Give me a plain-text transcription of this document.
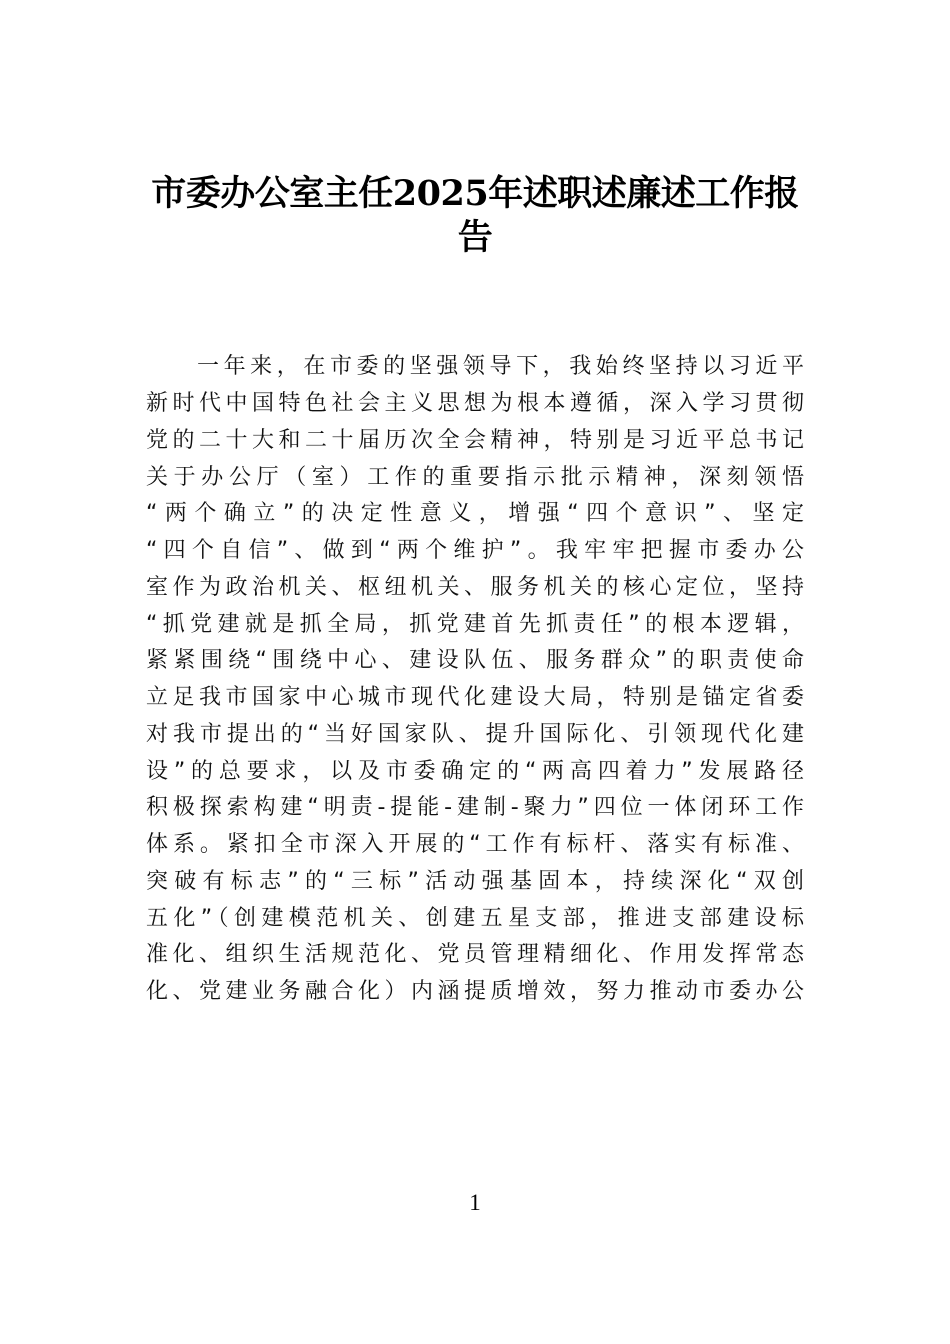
市委办公室主任2025年述职述廉述工作报
告
一年来，在市委的坚强领导下，我始终坚持以习近平
新时代中国特色社会主义思想为根本遵循，深入学习贯彻
党的二十大和二十届历次全会精神，特别是习近平总书记
关于办公厅（室）工作的重要指示批示精神，深刻领悟
“两个确立”的决定性意义，增强“四个意识”、坚定
“四个自信”、做到“两个维护”。我牢牢把握市委办公
室作为政治机关、枢纽机关、服务机关的核心定位，坚持
“抓党建就是抓全局，抓党建首先抓责任”的根本逻辑，
紧紧围绕“围绕中心、建设队伍、服务群众”的职责使命
立足我市国家中心城市现代化建设大局，特别是锚定省委
对我市提出的“当好国家队、提升国际化、引领现代化建
设”的总要求，以及市委确定的“两高四着力”发展路径
积极探索构建“明责-提能-建制-聚力”四位一体闭环工作
体系。紧扣全市深入开展的“工作有标杆、落实有标准、
突破有标志”的“三标”活动强基固本，持续深化“双创
五化”（创建模范机关、创建五星支部，推进支部建设标
准化、组织生活规范化、党员管理精细化、作用发挥常态
化、党建业务融合化）内涵提质增效，努力推动市委办公
1
